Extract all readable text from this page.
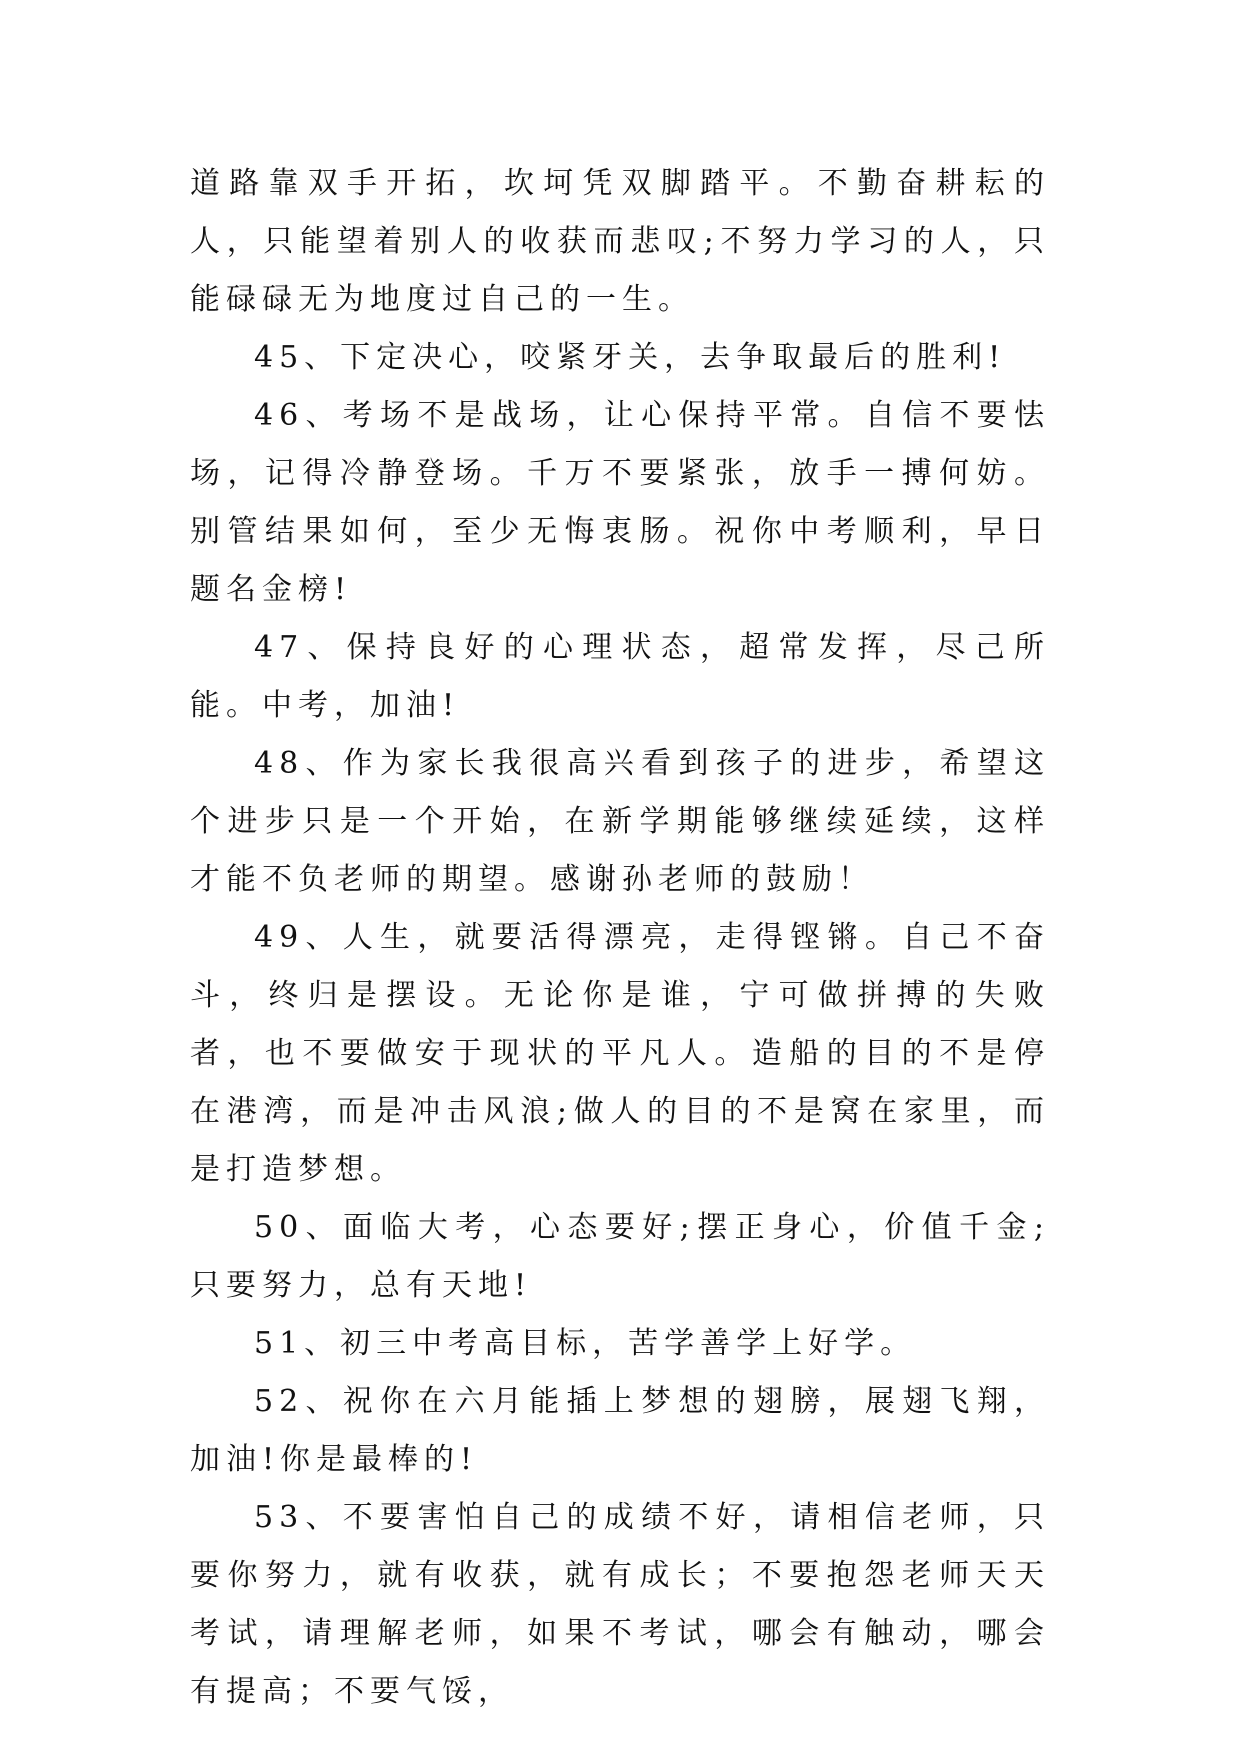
道路靠双手开拓，坎坷凭双脚踏平。不勤奋耕耘的人，只能望着别人的收获而悲叹;不努力学习的人，只能碌碌无为地度过自己的一生。

45、下定决心，咬紧牙关，去争取最后的胜利!

46、考场不是战场，让心保持平常。自信不要怯场，记得冷静登场。千万不要紧张，放手一搏何妨。别管结果如何，至少无悔衷肠。祝你中考顺利，早日题名金榜!

47、保持良好的心理状态，超常发挥，尽己所能。中考，加油!

48、作为家长我很高兴看到孩子的进步，希望这个进步只是一个开始，在新学期能够继续延续，这样才能不负老师的期望。感谢孙老师的鼓励！

49、人生，就要活得漂亮，走得铿锵。自己不奋斗，终归是摆设。无论你是谁，宁可做拼搏的失败者，也不要做安于现状的平凡人。造船的目的不是停在港湾，而是冲击风浪;做人的目的不是窝在家里，而是打造梦想。

50、面临大考，心态要好;摆正身心，价值千金;只要努力，总有天地!

51、初三中考高目标，苦学善学上好学。

52、祝你在六月能插上梦想的翅膀，展翅飞翔，加油!你是最棒的!

53、不要害怕自己的成绩不好，请相信老师，只要你努力，就有收获，就有成长；不要抱怨老师天天考试，请理解老师，如果不考试，哪会有触动，哪会有提高；不要气馁，
